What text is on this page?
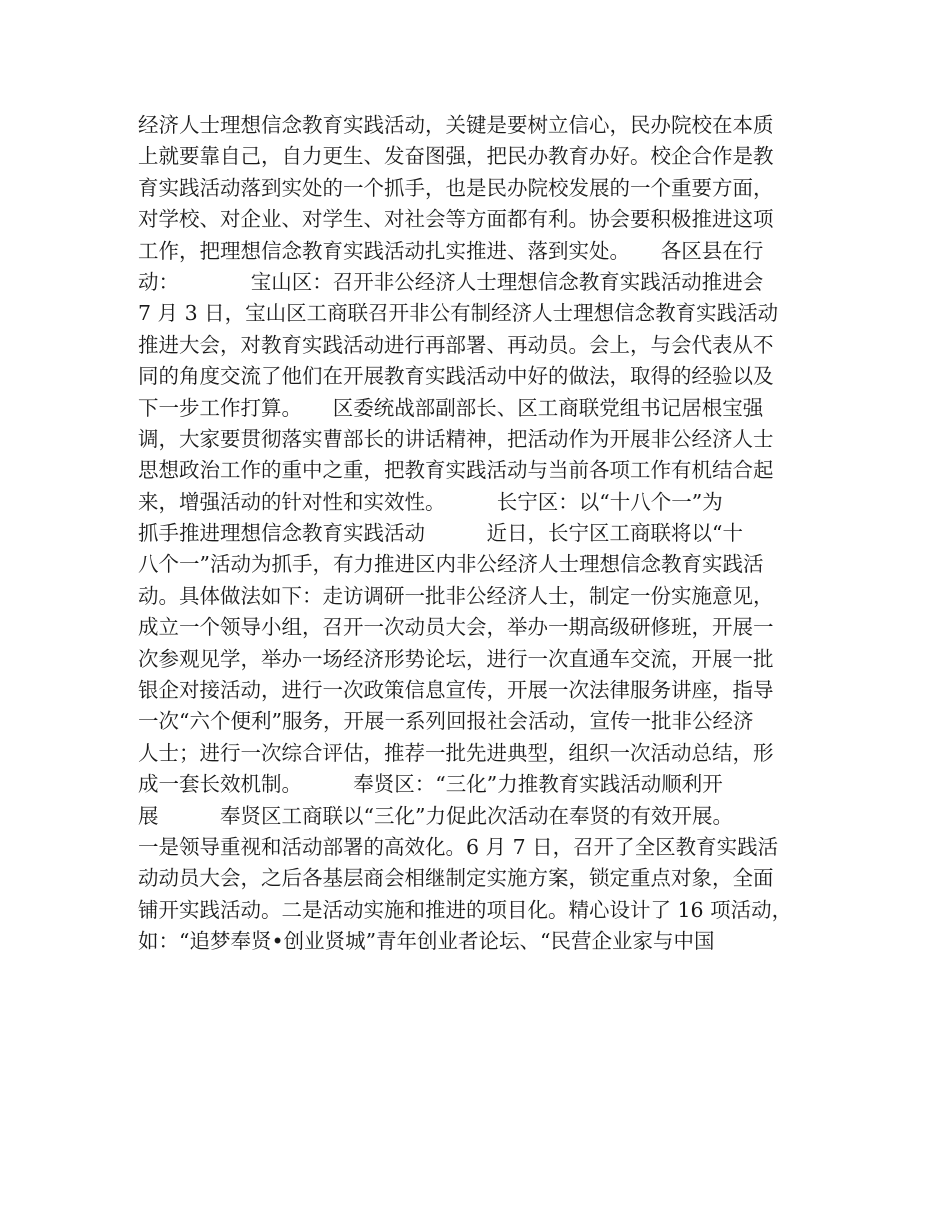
经济人士理想信念教育实践活动，关键是要树立信心，民办院校在本质
上就要靠自己，自力更生、发奋图强，把民办教育办好。校企合作是教
育实践活动落到实处的一个抓手，也是民办院校发展的一个重要方面，
对学校、对企业、对学生、对社会等方面都有利。协会要积极推进这项
工作，把理想信念教育实践活动扎实推进、落到实处。　　各区县在行
动：　　　　宝山区：召开非公经济人士理想信念教育实践活动推进会
7 月 3 日，宝山区工商联召开非公有制经济人士理想信念教育实践活动
推进大会，对教育实践活动进行再部署、再动员。会上，与会代表从不
同的角度交流了他们在开展教育实践活动中好的做法，取得的经验以及
下一步工作打算。　　区委统战部副部长、区工商联党组书记居根宝强
调，大家要贯彻落实曹部长的讲话精神，把活动作为开展非公经济人士
思想政治工作的重中之重，把教育实践活动与当前各项工作有机结合起
来，增强活动的针对性和实效性。　　　长宁区：以“十八个一”为
抓手推进理想信念教育实践活动　　　近日，长宁区工商联将以“十
八个一”活动为抓手，有力推进区内非公经济人士理想信念教育实践活
动。具体做法如下：走访调研一批非公经济人士，制定一份实施意见，
成立一个领导小组，召开一次动员大会，举办一期高级研修班，开展一
次参观见学，举办一场经济形势论坛，进行一次直通车交流，开展一批
银企对接活动，进行一次政策信息宣传，开展一次法律服务讲座，指导
一次“六个便利”服务，开展一系列回报社会活动，宣传一批非公经济
人士；进行一次综合评估，推荐一批先进典型，组织一次活动总结，形
成一套长效机制。　　　奉贤区：“三化”力推教育实践活动顺利开
展　　　奉贤区工商联以“三化”力促此次活动在奉贤的有效开展。
一是领导重视和活动部署的高效化。6 月 7 日，召开了全区教育实践活
动动员大会，之后各基层商会相继制定实施方案，锁定重点对象，全面
铺开实践活动。二是活动实施和推进的项目化。精心设计了 16 项活动，
如：“追梦奉贤•创业贤城”青年创业者论坛、“民营企业家与中国
